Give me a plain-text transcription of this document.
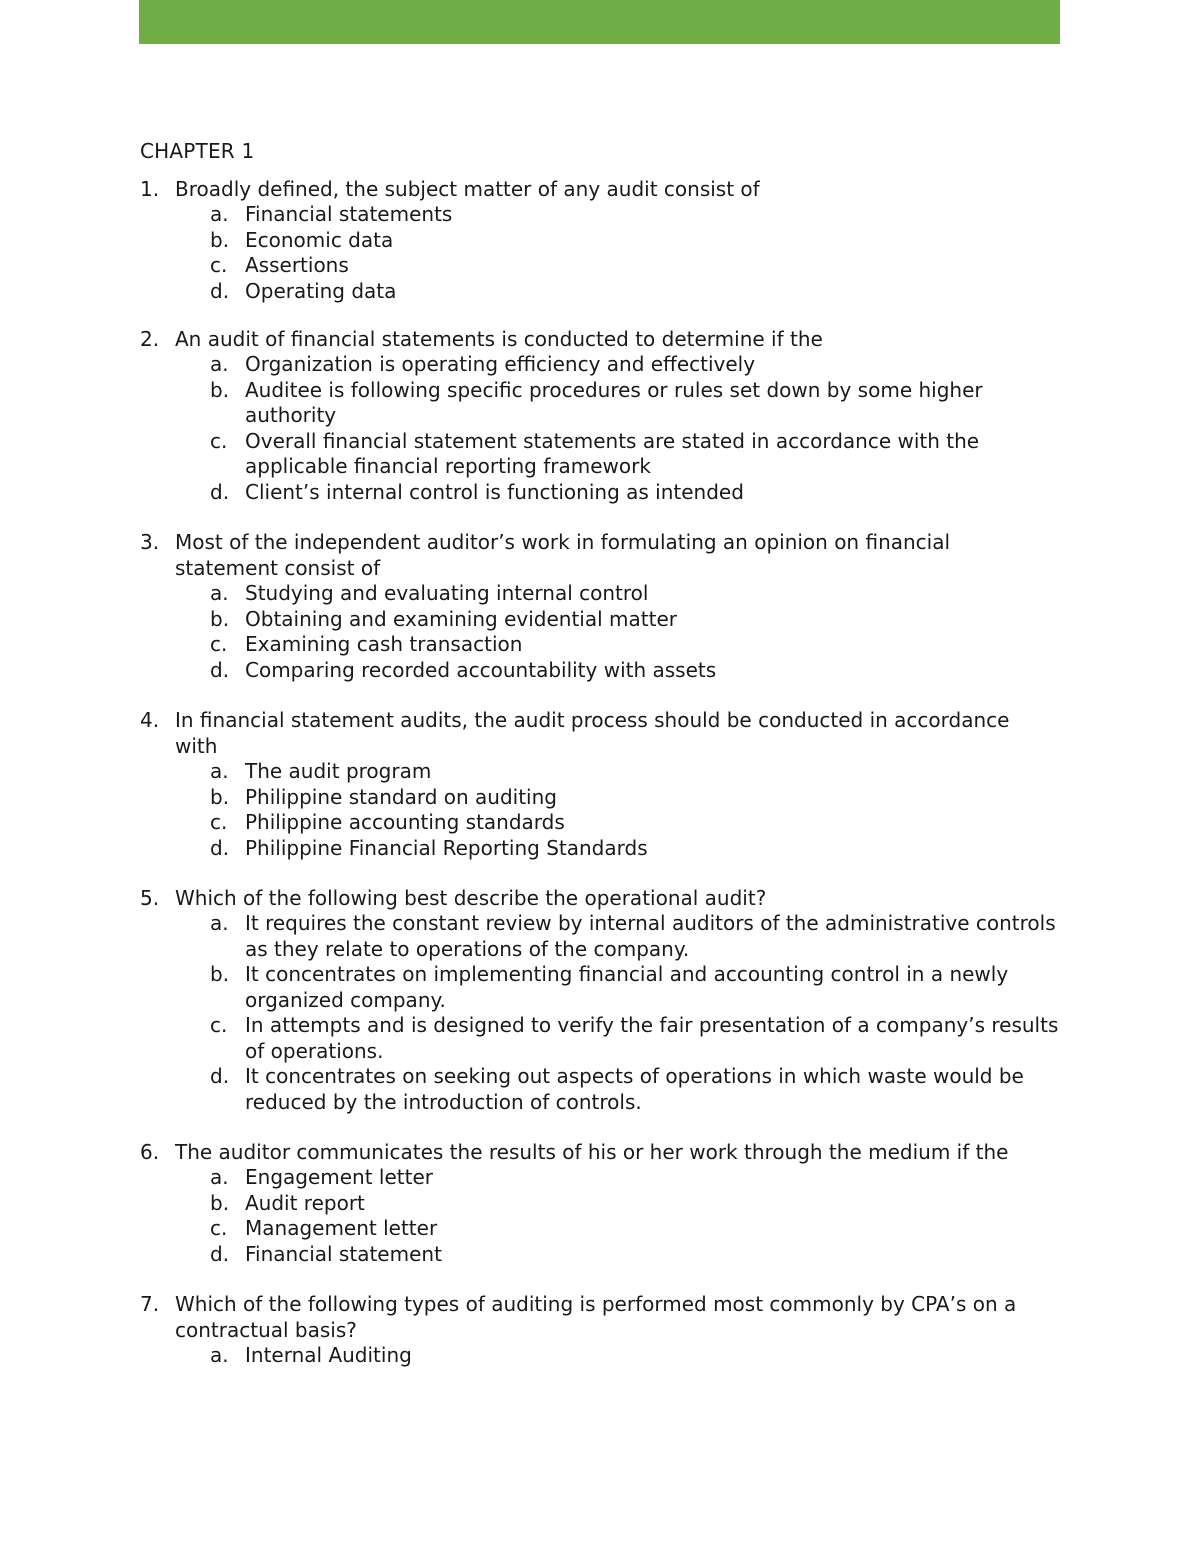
CHAPTER 1
1. Broadly defined, the subject matter of any audit consist of
a. Financial statements
b. Economic data
c. Assertions
d. Operating data
2. An audit of financial statements is conducted to determine if the
a. Organization is operating efficiency and effectively
b. Auditee is following specific procedures or rules set down by some higher authority
c. Overall financial statement statements are stated in accordance with the applicable financial reporting framework
d. Client’s internal control is functioning as intended
3. Most of the independent auditor’s work in formulating an opinion on financial statement consist of
a. Studying and evaluating internal control
b. Obtaining and examining evidential matter
c. Examining cash transaction
d. Comparing recorded accountability with assets
4. In financial statement audits, the audit process should be conducted in accordance with
a. The audit program
b. Philippine standard on auditing
c. Philippine accounting standards
d. Philippine Financial Reporting Standards
5. Which of the following best describe the operational audit?
a. It requires the constant review by internal auditors of the administrative controls as they relate to operations of the company.
b. It concentrates on implementing financial and accounting control in a newly organized company.
c. In attempts and is designed to verify the fair presentation of a company’s results of operations.
d. It concentrates on seeking out aspects of operations in which waste would be reduced by the introduction of controls.
6. The auditor communicates the results of his or her work through the medium if the
a. Engagement letter
b. Audit report
c. Management letter
d. Financial statement
7. Which of the following types of auditing is performed most commonly by CPA’s on a contractual basis?
a. Internal Auditing
